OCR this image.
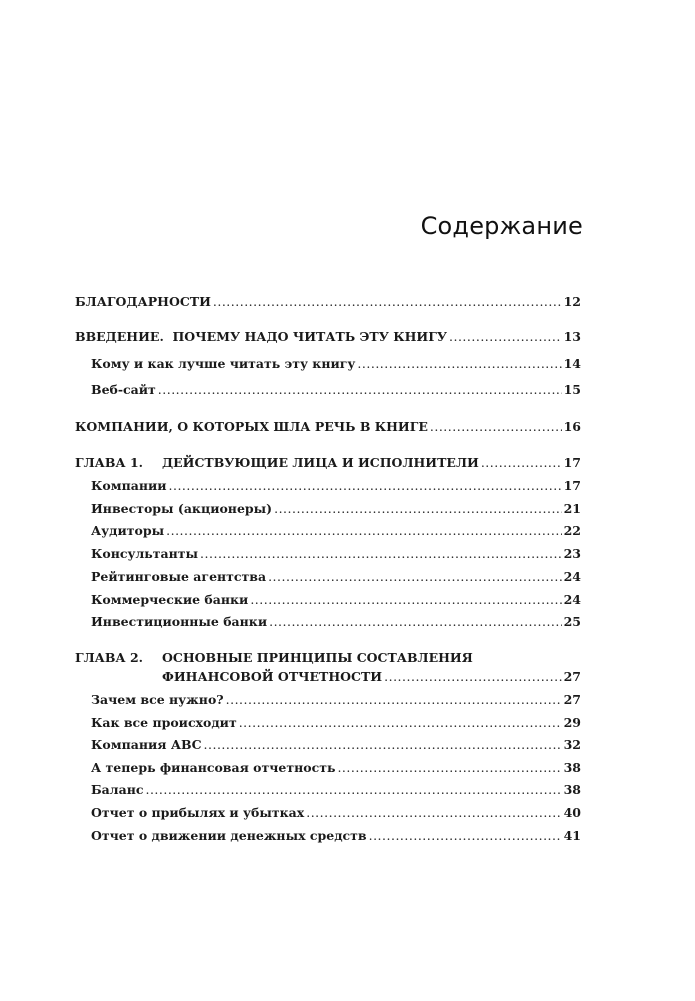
Содержание
БЛАГОДАРНОСТИ .....	12
ВВЕДЕНИЕ.  ПОЧЕМУ НАДО ЧИТАТЬ ЭТУ КНИГУ .....	13
Кому и как лучше читать эту книгу .....	14
Веб-сайт .....	15
КОМПАНИИ, О КОТОРЫХ ШЛА РЕЧЬ В КНИГЕ .....	16
ГЛАВА 1. ДЕЙСТВУЮЩИЕ ЛИЦА И ИСПОЛНИТЕЛИ .....	17
Компании .....	17
Инвесторы (акционеры) .....	21
Аудиторы .....	22
Консультанты .....	23
Рейтинговые агентства .....	24
Коммерческие банки .....	24
Инвестиционные банки .....	25
ГЛАВА 2. ОСНОВНЫЕ ПРИНЦИПЫ СОСТАВЛЕНИЯ
ФИНАНСОВОЙ ОТЧЕТНОСТИ .....	27
Зачем все нужно? .....	27
Как все происходит .....	29
Компания АВС .....	32
А теперь финансовая отчетность .....	38
Баланс .....	38
Отчет о прибылях и убытках .....	40
Отчет о движении денежных средств .....	41
